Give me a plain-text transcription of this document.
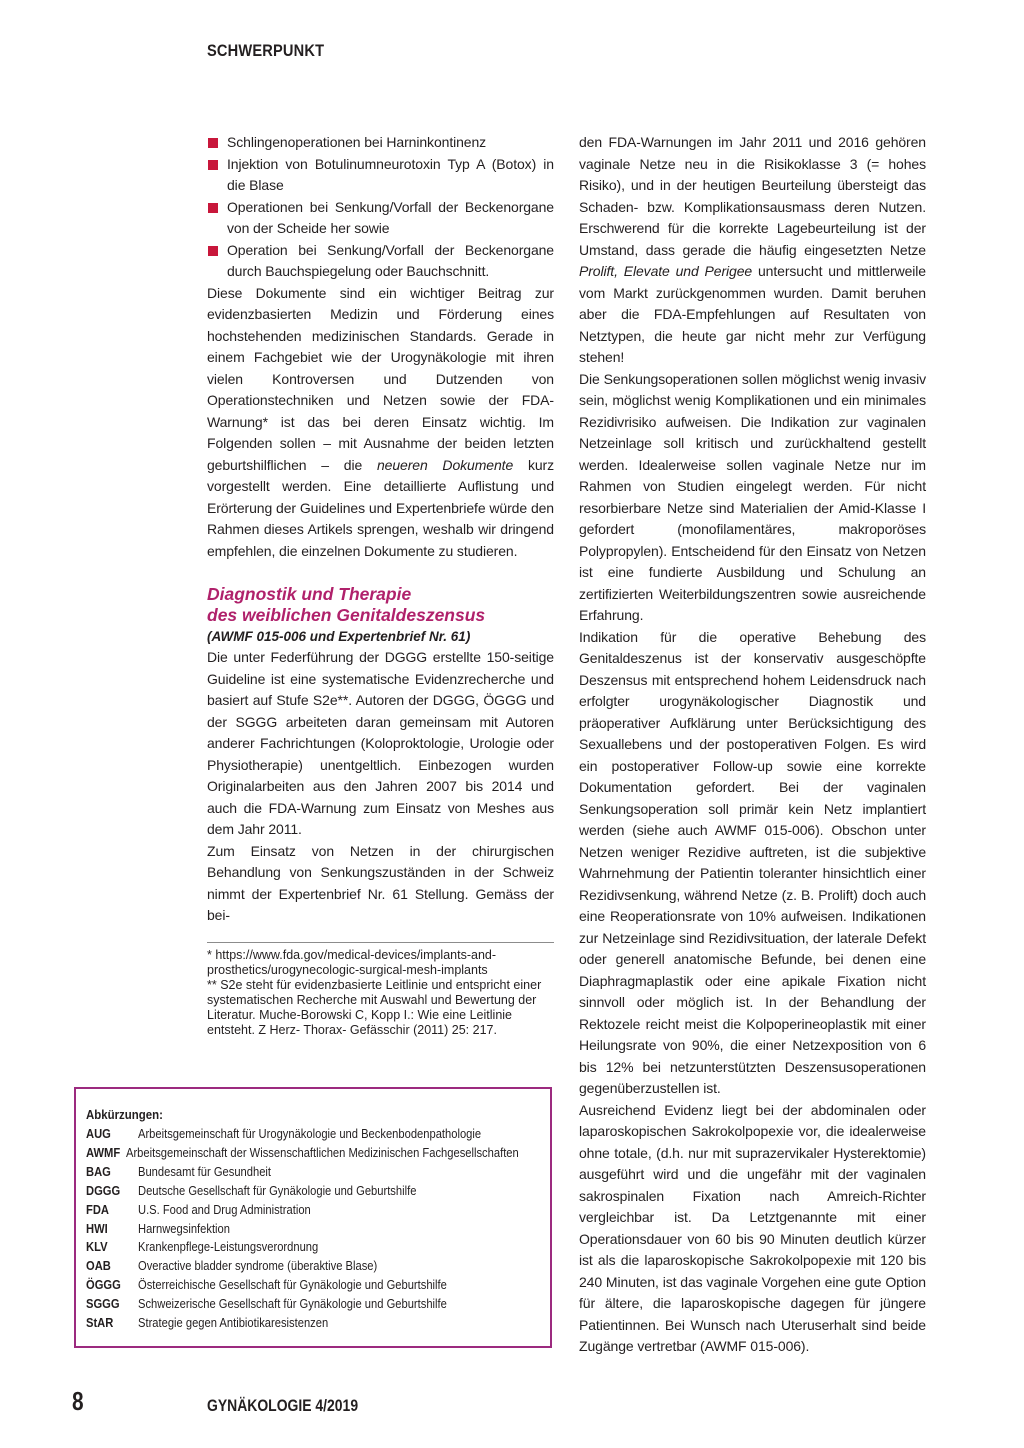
SCHWERPUNKT
Schlingenoperationen bei Harninkontinenz
Injektion von Botulinumneurotoxin Typ A (Botox) in die Blase
Operationen bei Senkung/Vorfall der Beckenorgane von der Scheide her sowie
Operation bei Senkung/Vorfall der Beckenorgane durch Bauchspiegelung oder Bauchschnitt.

Diese Dokumente sind ein wichtiger Beitrag zur evidenzbasierten Medizin und Förderung eines hochstehenden medizinischen Standards. Gerade in einem Fachgebiet wie der Urogynäkologie mit ihren vielen Kontroversen und Dutzenden von Operationstechniken und Netzen sowie der FDA-Warnung* ist das bei deren Einsatz wichtig. Im Folgenden sollen – mit Ausnahme der beiden letzten geburtshilflichen – die neueren Dokumente kurz vorgestellt werden. Eine detaillierte Auflistung und Erörterung der Guidelines und Expertenbriefe würde den Rahmen dieses Artikels sprengen, weshalb wir dringend empfehlen, die einzelnen Dokumente zu studieren.

Diagnostik und Therapie
des weiblichen Genitaldeszensus

(AWMF 015-006 und Expertenbrief Nr. 61)

Die unter Federführung der DGGG erstellte 150-seitige Guideline ist eine systematische Evidenzrecherche und basiert auf Stufe S2e**. Autoren der DGGG, ÖGGG und der SGGG arbeiteten daran gemeinsam mit Autoren anderer Fachrichtungen (Koloproktologie, Urologie oder Physiotherapie) unentgeltlich. Einbezogen wurden Originalarbeiten aus den Jahren 2007 bis 2014 und auch die FDA-Warnung zum Einsatz von Meshes aus dem Jahr 2011.

Zum Einsatz von Netzen in der chirurgischen Behandlung von Senkungszuständen in der Schweiz nimmt der Expertenbrief Nr. 61 Stellung. Gemäss der bei-

* https://www.fda.gov/medical-devices/implants-and-prosthetics/urogynecologic-surgical-mesh-implants

** S2e steht für evidenzbasierte Leitlinie und entspricht einer systematischen Recherche mit Auswahl und Bewertung der Literatur. Muche-Borowski C, Kopp I.: Wie eine Leitlinie entsteht. Z Herz- Thorax- Gefässchir (2011) 25: 217.

Abkürzungen:
AUG	Arbeitsgemeinschaft für Urogynäkologie und Beckenbodenpathologie
AWMF Arbeitsgemeinschaft der Wissenschaftlichen Medizinischen Fachgesellschaften
BAG	Bundesamt für Gesundheit
DGGG	Deutsche Gesellschaft für Gynäkologie und Geburtshilfe
FDA	U.S. Food and Drug Administration
HWI	Harnwegsinfektion
KLV	Krankenpflege-Leistungsverordnung
OAB	Overactive bladder syndrome (überaktive Blase)
ÖGGG	Österreichische Gesellschaft für Gynäkologie und Geburtshilfe
SGGG	Schweizerische Gesellschaft für Gynäkologie und Geburtshilfe
StAR	Strategie gegen Antibiotikaresistenzen

den FDA-Warnungen im Jahr 2011 und 2016 gehören vaginale Netze neu in die Risikoklasse 3 (= hohes Risiko), und in der heutigen Beurteilung übersteigt das Schaden- bzw. Komplikationsausmass deren Nutzen. Erschwerend für die korrekte Lagebeurteilung ist der Umstand, dass gerade die häufig eingesetzten Netze Prolift, Elevate und Perigee untersucht und mittlerweile vom Markt zurückgenommen wurden. Damit beruhen aber die FDA-Empfehlungen auf Resultaten von Netztypen, die heute gar nicht mehr zur Verfügung stehen!

Die Senkungsoperationen sollen möglichst wenig invasiv sein, möglichst wenig Komplikationen und ein minimales Rezidivrisiko aufweisen. Die Indikation zur vaginalen Netzeinlage soll kritisch und zurückhaltend gestellt werden. Idealerweise sollen vaginale Netze nur im Rahmen von Studien eingelegt werden. Für nicht resorbierbare Netze sind Materialien der Amid-Klasse I gefordert (monofilamentäres, makroporöses Polypropylen). Entscheidend für den Einsatz von Netzen ist eine fundierte Ausbildung und Schulung an zertifizierten Weiterbildungszentren sowie ausreichende Erfahrung.

Indikation für die operative Behebung des Genitaldeszenus ist der konservativ ausgeschöpfte Deszensus mit entsprechend hohem Leidensdruck nach erfolgter urogynäkologischer Diagnostik und präoperativer Aufklärung unter Berücksichtigung des Sexuallebens und der postoperativen Folgen. Es wird ein postoperativer Follow-up sowie eine korrekte Dokumentation gefordert. Bei der vaginalen Senkungsoperation soll primär kein Netz implantiert werden (siehe auch AWMF 015-006). Obschon unter Netzen weniger Rezidive auftreten, ist die subjektive Wahrnehmung der Patientin toleranter hinsichtlich einer Rezidivsenkung, während Netze (z. B. Prolift) doch auch eine Reoperationsrate von 10% aufweisen. Indikationen zur Netzeinlage sind Rezidivsituation, der laterale Defekt oder generell anatomische Befunde, bei denen eine Diaphragmaplastik oder eine apikale Fixation nicht sinnvoll oder möglich ist. In der Behandlung der Rektozele reicht meist die Kolpoperineoplastik mit einer Heilungsrate von 90%, die einer Netzexposition von 6 bis 12% bei netzunterstützten Deszensusoperationen gegenüberzustellen ist.

Ausreichend Evidenz liegt bei der abdominalen oder laparoskopischen Sakrokolpopexie vor, die idealerweise ohne totale, (d.h. nur mit suprazervikaler Hysterektomie) ausgeführt wird und die ungefähr mit der vaginalen sakrospinalen Fixation nach Amreich-Richter vergleichbar ist. Da Letztgenannte mit einer Operationsdauer von 60 bis 90 Minuten deutlich kürzer ist als die laparoskopische Sakrokolpopexie mit 120 bis 240 Minuten, ist das vaginale Vorgehen eine gute Option für ältere, die laparoskopische dagegen für jüngere Patientinnen. Bei Wunsch nach Uteruserhalt sind beide Zugänge vertretbar (AWMF 015-006).

8	GYNÄKOLOGIE 4/2019
